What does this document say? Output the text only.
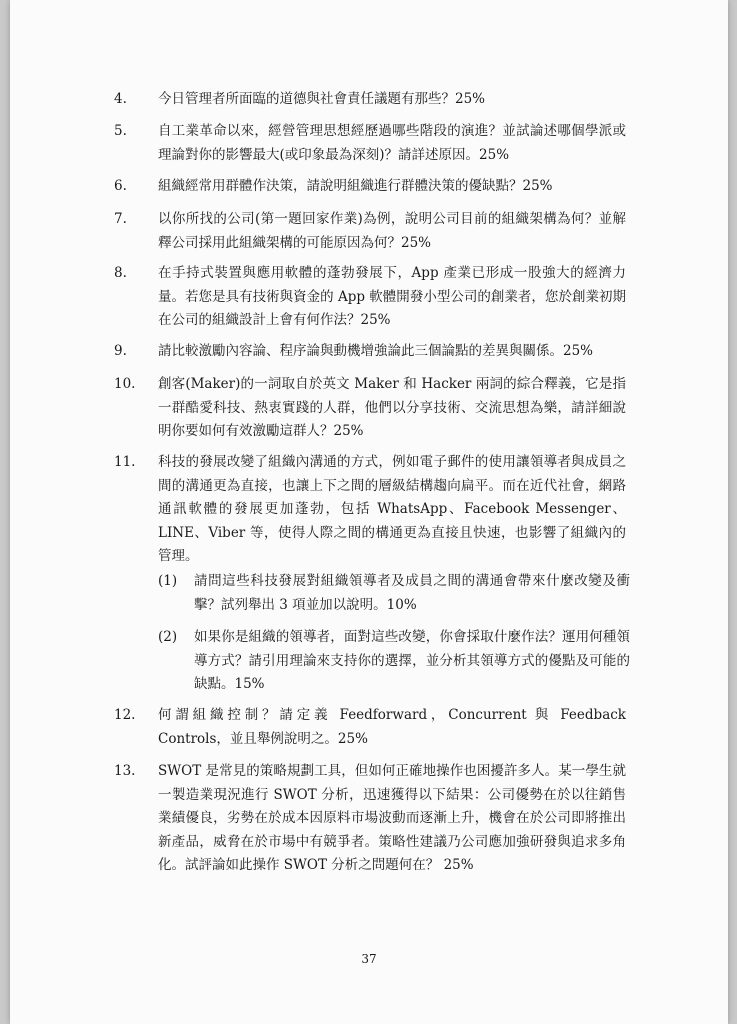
4.	今日管理者所面臨的道德與社會責任議題有那些？25%
5.	自工業革命以來，經營管理思想經歷過哪些階段的演進？並試論述哪個學派或理論對你的影響最大(或印象最為深刻)？請詳述原因。25%
6.	組織經常用群體作決策，請說明組織進行群體決策的優缺點？25%
7.	以你所找的公司(第一題回家作業)為例，說明公司目前的組織架構為何？並解釋公司採用此組織架構的可能原因為何？25%
8.	在手持式裝置與應用軟體的蓬勃發展下，App 產業已形成一股強大的經濟力量。若您是具有技術與資金的 App 軟體開發小型公司的創業者，您於創業初期在公司的組織設計上會有何作法？25%
9.	請比較激勵內容論、程序論與動機增強論此三個論點的差異與關係。25%
10.	創客(Maker)的一詞取自於英文 Maker 和 Hacker 兩詞的綜合釋義，它是指一群酷愛科技、熱衷實踐的人群，他們以分享技術、交流思想為樂，請詳細說明你要如何有效激勵這群人？25%
11.	科技的發展改變了組織內溝通的方式，例如電子郵件的使用讓領導者與成員之間的溝通更為直接，也讓上下之間的層級結構趨向扁平。而在近代社會，網路通訊軟體的發展更加蓬勃，包括 WhatsApp、Facebook Messenger、LINE、Viber 等，使得人際之間的構通更為直接且快速，也影響了組織內的管理。
(1)	請問這些科技發展對組織領導者及成員之間的溝通會帶來什麼改變及衝擊？試列舉出 3 項並加以說明。10%
(2)	如果你是組織的領導者，面對這些改變，你會採取什麼作法？運用何種領導方式？請引用理論來支持你的選擇，並分析其領導方式的優點及可能的缺點。15%
12.	何謂組織控制？請定義 Feedforward，Concurrent 與 Feedback Controls，並且舉例說明之。25%
13.	SWOT 是常見的策略規劃工具，但如何正確地操作也困擾許多人。某一學生就一製造業現況進行 SWOT 分析，迅速獲得以下結果：公司優勢在於以往銷售業績優良，劣勢在於成本因原料市場波動而逐漸上升，機會在於公司即將推出新產品，威脅在於市場中有競爭者。策略性建議乃公司應加強研發與追求多角化。試評論如此操作 SWOT 分析之問題何在？ 25%
37
